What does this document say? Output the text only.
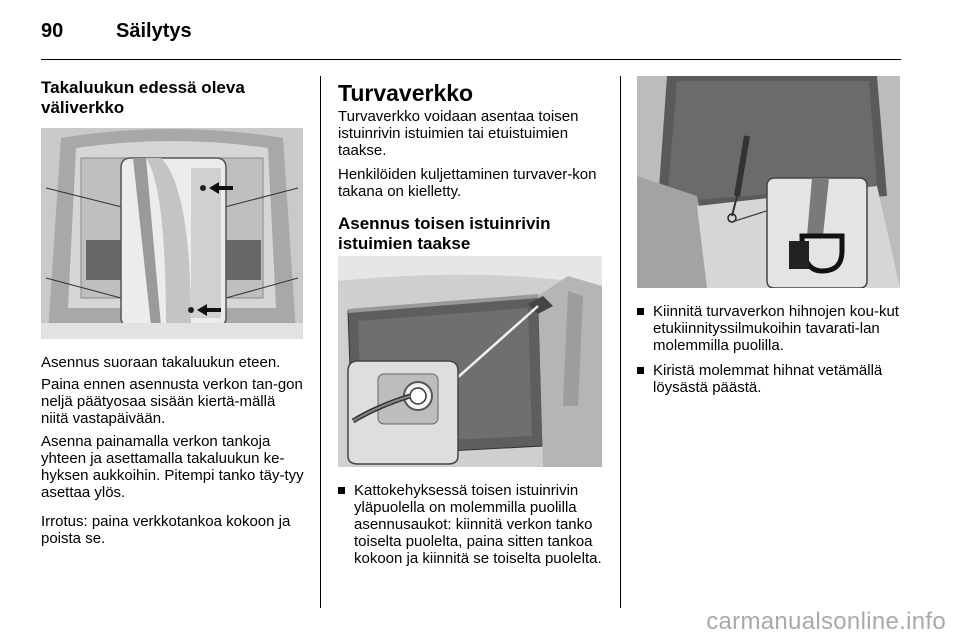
90	Säilytys
Takaluukun edessä oleva väliverkko

Asennus suoraan takaluukun eteen.

Paina ennen asennusta verkon tan-gon neljä päätyosaa sisään kiertä-mällä niitä vastapäivään.

Asenna painamalla verkon tankoja yhteen ja asettamalla takaluukun ke-hyksen aukkoihin. Pitempi tanko täy-tyy asettaa ylös.

Irrotus: paina verkkotankoa kokoon ja poista se.

Turvaverkko

Turvaverkko voidaan asentaa toisen istuinrivin istuimien tai etuistuimien taakse.

Henkilöiden kuljettaminen turvaver-kon takana on kielletty.

Asennus toisen istuinrivin istuimien taakse
Kattokehyksessä toisen istuinrivin yläpuolella on molemmilla puolilla asennusaukot: kiinnitä verkon tanko toiselta puolelta, paina sitten tankoa kokoon ja kiinnitä se toiselta puolelta.
Kiinnitä turvaverkon hihnojen kou-kut etukiinnityssilmukoihin tavarati-lan molemmilla puolilla.
Kiristä molemmat hihnat vetämällä löysästä päästä.
carmanualsonline.info
